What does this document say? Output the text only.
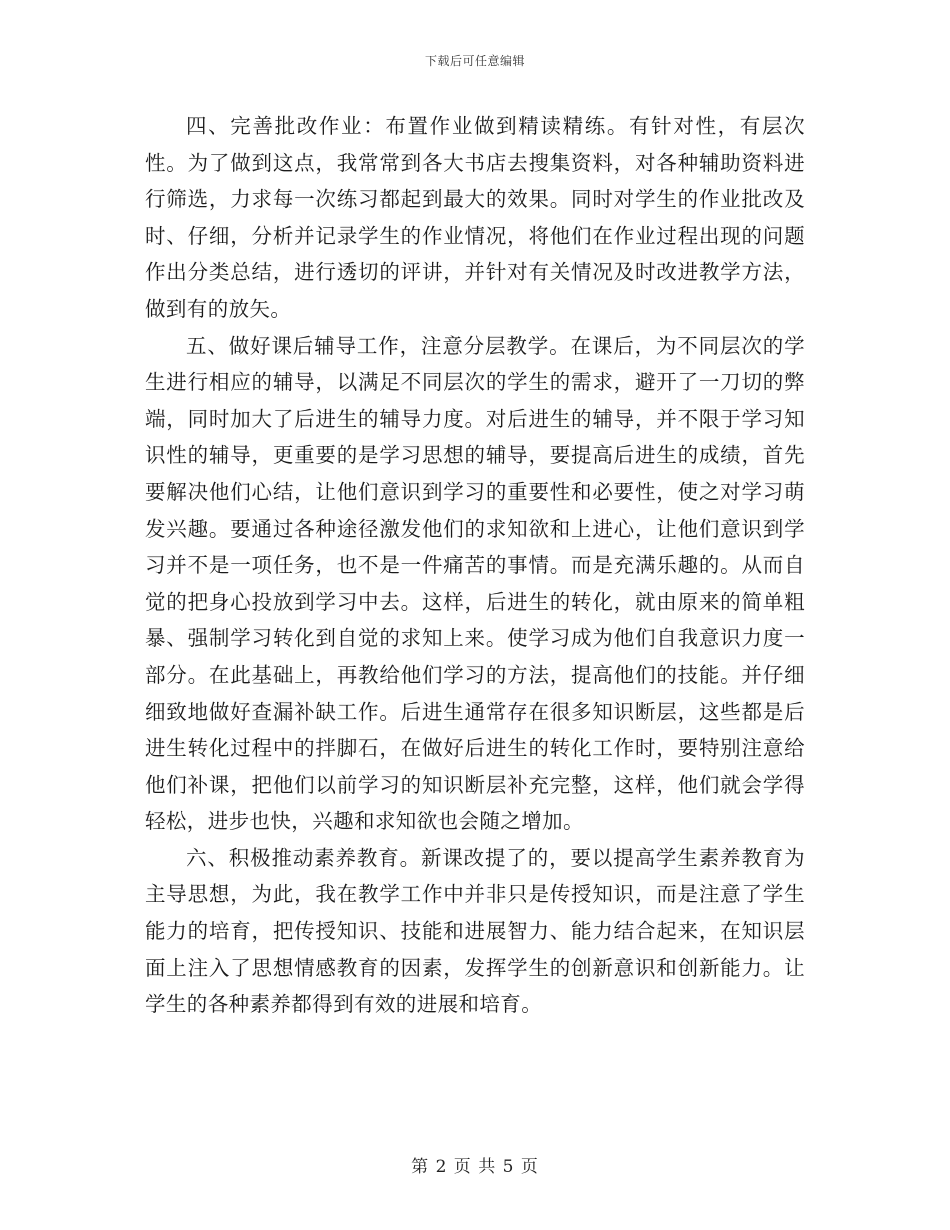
下载后可任意编辑

四、完善批改作业：布置作业做到精读精练。有针对性，有层次性。为了做到这点，我常常到各大书店去搜集资料，对各种辅助资料进行筛选，力求每一次练习都起到最大的效果。同时对学生的作业批改及时、仔细，分析并记录学生的作业情况，将他们在作业过程出现的问题作出分类总结，进行透切的评讲，并针对有关情况及时改进教学方法，做到有的放矢。

五、做好课后辅导工作，注意分层教学。在课后，为不同层次的学生进行相应的辅导，以满足不同层次的学生的需求，避开了一刀切的弊端，同时加大了后进生的辅导力度。对后进生的辅导，并不限于学习知识性的辅导，更重要的是学习思想的辅导，要提高后进生的成绩，首先要解决他们心结，让他们意识到学习的重要性和必要性，使之对学习萌发兴趣。要通过各种途径激发他们的求知欲和上进心，让他们意识到学习并不是一项任务，也不是一件痛苦的事情。而是充满乐趣的。从而自觉的把身心投放到学习中去。这样，后进生的转化，就由原来的简单粗暴、强制学习转化到自觉的求知上来。使学习成为他们自我意识力度一部分。在此基础上，再教给他们学习的方法，提高他们的技能。并仔细细致地做好查漏补缺工作。后进生通常存在很多知识断层，这些都是后进生转化过程中的拌脚石，在做好后进生的转化工作时，要特别注意给他们补课，把他们以前学习的知识断层补充完整，这样，他们就会学得轻松，进步也快，兴趣和求知欲也会随之增加。

六、积极推动素养教育。新课改提了的，要以提高学生素养教育为主导思想，为此，我在教学工作中并非只是传授知识，而是注意了学生能力的培育，把传授知识、技能和进展智力、能力结合起来，在知识层面上注入了思想情感教育的因素，发挥学生的创新意识和创新能力。让学生的各种素养都得到有效的进展和培育。

第 2 页 共 5 页
